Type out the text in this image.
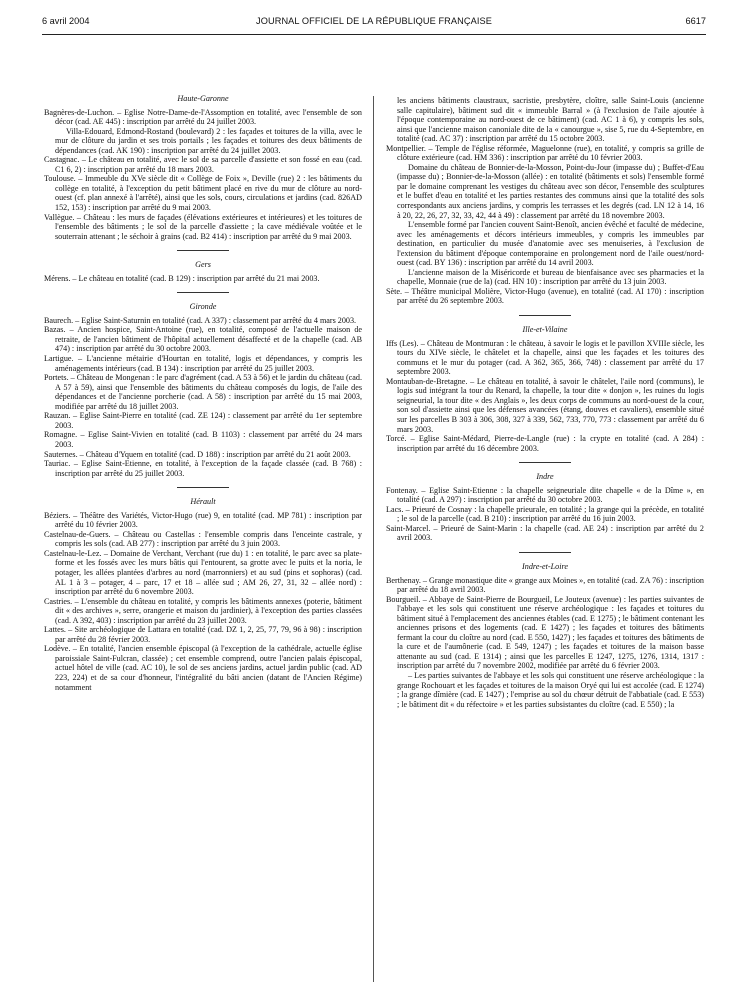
6 avril 2004	JOURNAL OFFICIEL DE LA RÉPUBLIQUE FRANÇAISE	6617

Haute-Garonne

Bagnères-de-Luchon. – Eglise Notre-Dame-de-l'Assomption en totalité, avec l'ensemble de son décor (cad. AE 445) : inscription par arrêté du 24 juillet 2003.

Villa-Edouard, Edmond-Rostand (boulevard) 2 : les façades et toitures de la villa, avec le mur de clôture du jardin et ses trois portails ; les façades et toitures des deux bâtiments de dépendances (cad. AK 190) : inscription par arrêté du 24 juillet 2003.

Castagnac. – Le château en totalité, avec le sol de sa parcelle d'assiette et son fossé en eau (cad. C1 6, 2) : inscription par arrêté du 18 mars 2003.

Toulouse. – Immeuble du XVe siècle dit « Collège de Foix », Deville (rue) 2 : les bâtiments du collège en totalité, à l'exception du petit bâtiment placé en rive du mur de clôture au nord-ouest (cf. plan annexé à l'arrêté), ainsi que les sols, cours, circulations et jardins (cad. 826AD 152, 153) : inscription par arrêté du 9 mai 2003.

Vallègue. – Château : les murs de façades (élévations extérieures et intérieures) et les toitures de l'ensemble des bâtiments ; le sol de la parcelle d'assiette ; la cave médiévale voûtée et le souterrain attenant ; le séchoir à grains (cad. B2 414) : inscription par arrêté du 9 mai 2003.

Gers

Mérens. – Le château en totalité (cad. B 129) : inscription par arrêté du 21 mai 2003.

Gironde

Baurech. – Eglise Saint-Saturnin en totalité (cad. A 337) : classement par arrêté du 4 mars 2003.

Bazas. – Ancien hospice, Saint-Antoine (rue), en totalité, composé de l'actuelle maison de retraite, de l'ancien bâtiment de l'hôpital actuellement désaffecté et de la chapelle (cad. AB 474) : inscription par arrêté du 30 octobre 2003.

Lartigue. – L'ancienne métairie d'Hourtan en totalité, logis et dépendances, y compris les aménagements intérieurs (cad. B 134) : inscription par arrêté du 25 juillet 2003.

Portets. – Château de Mongenan : le parc d'agrément (cad. A 53 à 56) et le jardin du château (cad. A 57 à 59), ainsi que l'ensemble des bâtiments du château composés du logis, de l'aile des dépendances et de l'ancienne porcherie (cad. A 58) : inscription par arrêté du 15 mai 2003, modifiée par arrêté du 18 juillet 2003.

Rauzan. – Eglise Saint-Pierre en totalité (cad. ZE 124) : classement par arrêté du 1er septembre 2003.

Romagne. – Eglise Saint-Vivien en totalité (cad. B 1103) : classement par arrêté du 24 mars 2003.

Sauternes. – Château d'Yquem en totalité (cad. D 188) : inscription par arrêté du 21 août 2003.

Tauriac. – Eglise Saint-Etienne, en totalité, à l'exception de la façade classée (cad. B 768) : inscription par arrêté du 25 juillet 2003.

Hérault

Béziers. – Théâtre des Variétés, Victor-Hugo (rue) 9, en totalité (cad. MP 781) : inscription par arrêté du 10 février 2003.

Castelnau-de-Guers. – Château ou Castellas : l'ensemble compris dans l'enceinte castrale, y compris les sols (cad. AB 277) : inscription par arrêté du 3 juin 2003.

Castelnau-le-Lez. – Domaine de Verchant, Verchant (rue du) 1 : en totalité, le parc avec sa plate-forme et les fossés avec les murs bâtis qui l'entourent, sa grotte avec le puits et la noria, le potager, les allées plantées d'arbres au nord (marronniers) et au sud (pins et sophoras) (cad. AL 1 à 3 – potager, 4 – parc, 17 et 18 – allée sud ; AM 26, 27, 31, 32 – allée nord) : inscription par arrêté du 6 novembre 2003.

Castries. – L'ensemble du château en totalité, y compris les bâtiments annexes (poterie, bâtiment dit « des archives », serre, orangerie et maison du jardinier), à l'exception des parties classées (cad. A 392, 403) : inscription par arrêté du 23 juillet 2003.

Lattes. – Site archéologique de Lattara en totalité (cad. DZ 1, 2, 25, 77, 79, 96 à 98) : inscription par arrêté du 28 février 2003.

Lodève. – En totalité, l'ancien ensemble épiscopal (à l'exception de la cathédrale, actuelle église paroissiale Saint-Fulcran, classée) ; cet ensemble comprend, outre l'ancien palais épiscopal, actuel hôtel de ville (cad. AC 10), le sol de ses anciens jardins, actuel jardin public (cad. AD 223, 224) et de sa cour d'honneur, l'intégralité du bâti ancien (datant de l'Ancien Régime) notamment

les anciens bâtiments claustraux, sacristie, presbytère, cloître, salle Saint-Louis (ancienne salle capitulaire), bâtiment sud dit « immeuble Barral » (à l'exclusion de l'aile ajoutée à l'époque contemporaine au nord-ouest de ce bâtiment) (cad. AC 1 à 6), y compris les sols, ainsi que l'ancienne maison canoniale dite de la « canourgue », sise 5, rue du 4-Septembre, en totalité (cad. AC 37) : inscription par arrêté du 15 octobre 2003.

Montpellier. – Temple de l'église réformée, Maguelonne (rue), en totalité, y compris sa grille de clôture extérieure (cad. HM 336) : inscription par arrêté du 10 février 2003.

Domaine du château de Bonnier-de-la-Mosson, Point-du-Jour (impasse du) ; Buffet-d'Eau (impasse du) ; Bonnier-de-la-Mosson (allée) : en totalité (bâtiments et sols) l'ensemble formé par le domaine comprenant les vestiges du château avec son décor, l'ensemble des sculptures et le buffet d'eau en totalité et les parties restantes des communs ainsi que la totalité des sols correspondants aux anciens jardins, y compris les terrasses et les degrés (cad. LN 12 à 14, 16 à 20, 22, 26, 27, 32, 33, 42, 44 à 49) : classement par arrêté du 18 novembre 2003.

L'ensemble formé par l'ancien couvent Saint-Benoît, ancien évêché et faculté de médecine, avec les aménagements et décors intérieurs immeubles, y compris les immeubles par destination, en particulier du musée d'anatomie avec ses menuiseries, à l'exclusion de l'extension du bâtiment d'époque contemporaine en prolongement nord de l'aile ouest/nord-ouest (cad. BY 136) : inscription par arrêté du 14 avril 2003.

L'ancienne maison de la Miséricorde et bureau de bienfaisance avec ses pharmacies et la chapelle, Monnaie (rue de la) (cad. HN 10) : inscription par arrêté du 13 juin 2003.

Sète. – Théâtre municipal Molière, Victor-Hugo (avenue), en totalité (cad. AI 170) : inscription par arrêté du 26 septembre 2003.

Ille-et-Vilaine

Iffs (Les). – Château de Montmuran : le château, à savoir le logis et le pavillon XVIIIe siècle, les tours du XIVe siècle, le châtelet et la chapelle, ainsi que les façades et les toitures des communs et le mur du potager (cad. A 362, 365, 366, 748) : classement par arrêté du 17 septembre 2003.

Montauban-de-Bretagne. – Le château en totalité, à savoir le châtelet, l'aile nord (communs), le logis sud intégrant la tour du Renard, la chapelle, la tour dite « donjon », les ruines du logis seigneurial, la tour dite « des Anglais », les deux corps de communs au nord-ouest de la cour, son sol d'assiette ainsi que les défenses avancées (étang, douves et cavaliers), ensemble situé sur les parcelles B 303 à 306, 308, 327 à 339, 562, 733, 770, 773 : classement par arrêté du 6 mars 2003.

Torcé. – Eglise Saint-Médard, Pierre-de-Langle (rue) : la crypte en totalité (cad. A 284) : inscription par arrêté du 16 décembre 2003.

Indre

Fontenay. – Eglise Saint-Etienne : la chapelle seigneuriale dite chapelle « de la Dîme », en totalité (cad. A 297) : inscription par arrêté du 30 octobre 2003.

Lacs. – Prieuré de Cosnay : la chapelle prieurale, en totalité ; la grange qui la précède, en totalité ; le sol de la parcelle (cad. B 210) : inscription par arrêté du 16 juin 2003.

Saint-Marcel. – Prieuré de Saint-Marin : la chapelle (cad. AE 24) : inscription par arrêté du 2 avril 2003.

Indre-et-Loire

Berthenay. – Grange monastique dite « grange aux Moines », en totalité (cad. ZA 76) : inscription par arrêté du 18 avril 2003.

Bourgueil. – Abbaye de Saint-Pierre de Bourgueil, Le Jouteux (avenue) : les parties suivantes de l'abbaye et les sols qui constituent une réserve archéologique : les façades et toitures du bâtiment situé à l'emplacement des anciennes étables (cad. E 1275) ; le bâtiment contenant les anciennes prisons et des logements (cad. E 1427) ; les façades et toitures des bâtiments fermant la cour du cloître au nord (cad. E 550, 1427) ; les façades et toitures des bâtiments de la cure et de l'aumônerie (cad. E 549, 1247) ; les façades et toitures de la maison basse attenante au sud (cad. E 1314) ; ainsi que les parcelles E 1247, 1275, 1276, 1314, 1317 : inscription par arrêté du 7 novembre 2002, modifiée par arrêté du 6 février 2003.

– Les parties suivantes de l'abbaye et les sols qui constituent une réserve archéologique : la grange Rochouart et les façades et toitures de la maison Oryé qui lui est accolée (cad. E 1274) ; la grange dîmière (cad. E 1427) ; l'emprise au sol du chœur détruit de l'abbatiale (cad. E 553) ; le bâtiment dit « du réfectoire » et les parties subsistantes du cloître (cad. E 550) ; la
